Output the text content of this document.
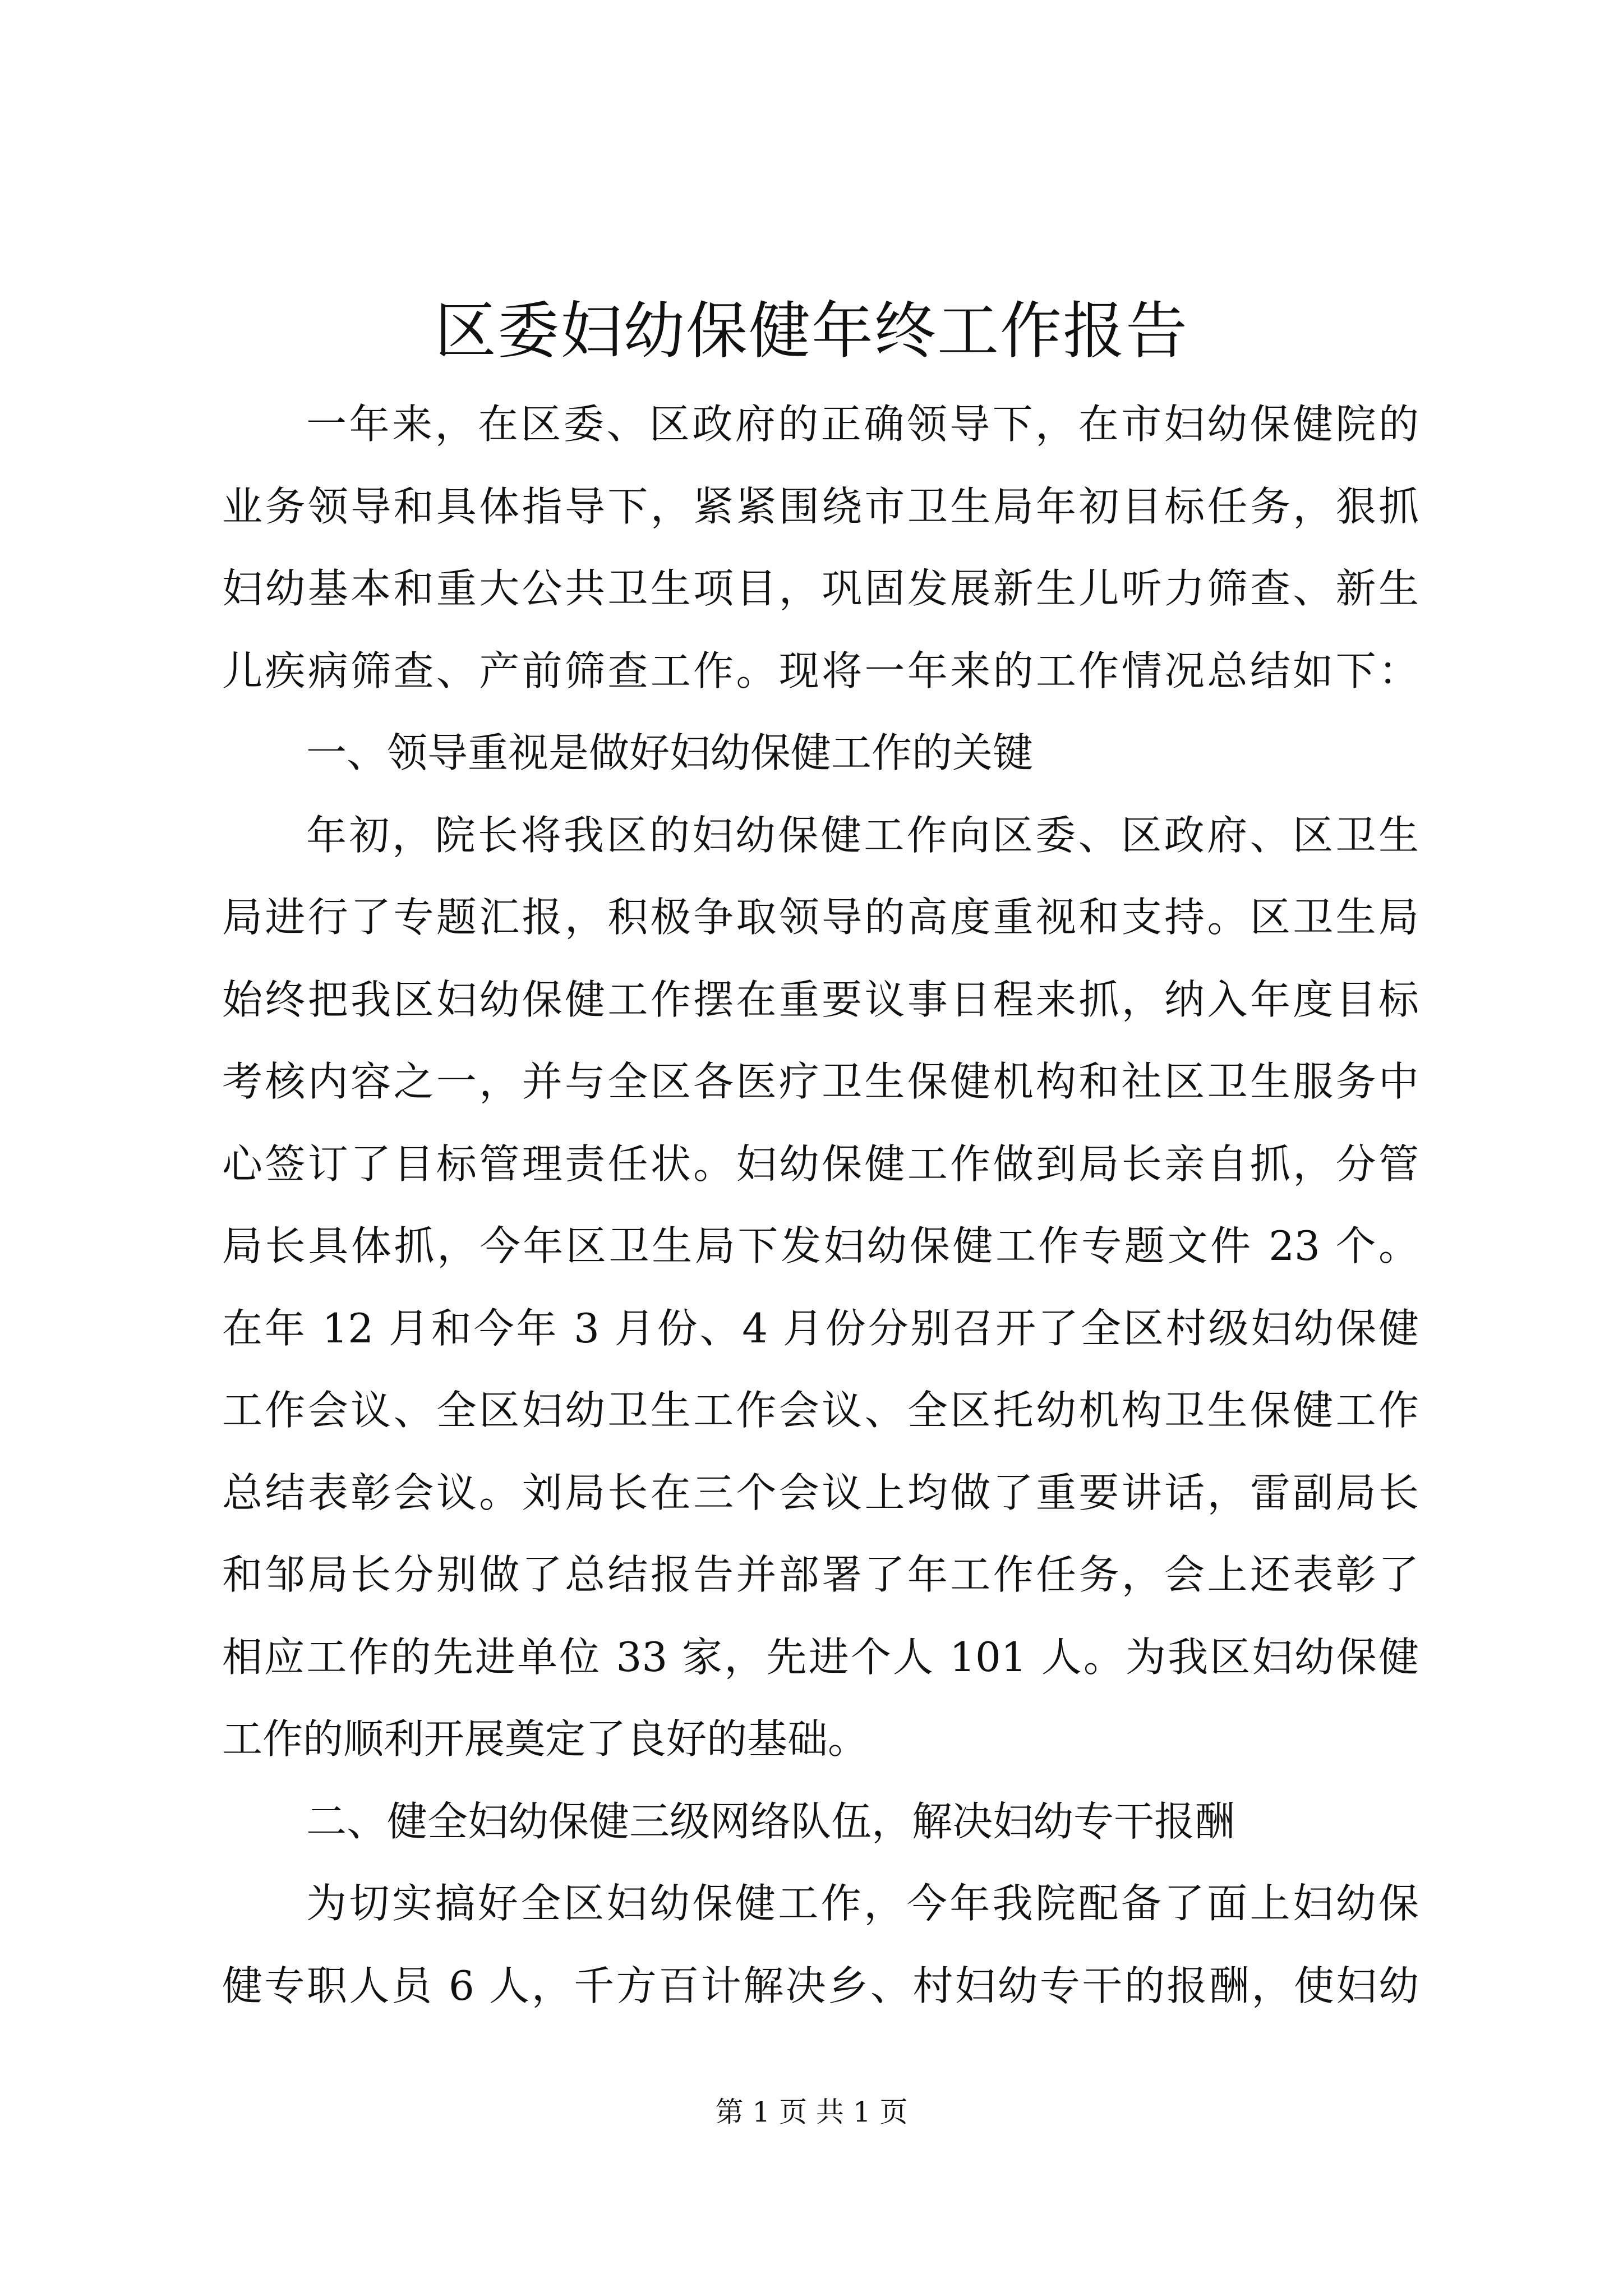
区委妇幼保健年终工作报告
一年来，在区委、区政府的正确领导下，在市妇幼保健院的
业务领导和具体指导下，紧紧围绕市卫生局年初目标任务，狠抓
妇幼基本和重大公共卫生项目，巩固发展新生儿听力筛查、新生
儿疾病筛查、产前筛查工作。现将一年来的工作情况总结如下：
一、领导重视是做好妇幼保健工作的关键
年初，院长将我区的妇幼保健工作向区委、区政府、区卫生
局进行了专题汇报，积极争取领导的高度重视和支持。区卫生局
始终把我区妇幼保健工作摆在重要议事日程来抓，纳入年度目标
考核内容之一，并与全区各医疗卫生保健机构和社区卫生服务中
心签订了目标管理责任状。妇幼保健工作做到局长亲自抓，分管
局长具体抓，今年区卫生局下发妇幼保健工作专题文件 23 个。
在年 12 月和今年 3 月份、4 月份分别召开了全区村级妇幼保健
工作会议、全区妇幼卫生工作会议、全区托幼机构卫生保健工作
总结表彰会议。刘局长在三个会议上均做了重要讲话，雷副局长
和邹局长分别做了总结报告并部署了年工作任务，会上还表彰了
相应工作的先进单位 33 家，先进个人 101 人。为我区妇幼保健
工作的顺利开展奠定了良好的基础。
二、健全妇幼保健三级网络队伍，解决妇幼专干报酬
为切实搞好全区妇幼保健工作，今年我院配备了面上妇幼保
健专职人员 6 人，千方百计解决乡、村妇幼专干的报酬，使妇幼
第 1 页 共 1 页
